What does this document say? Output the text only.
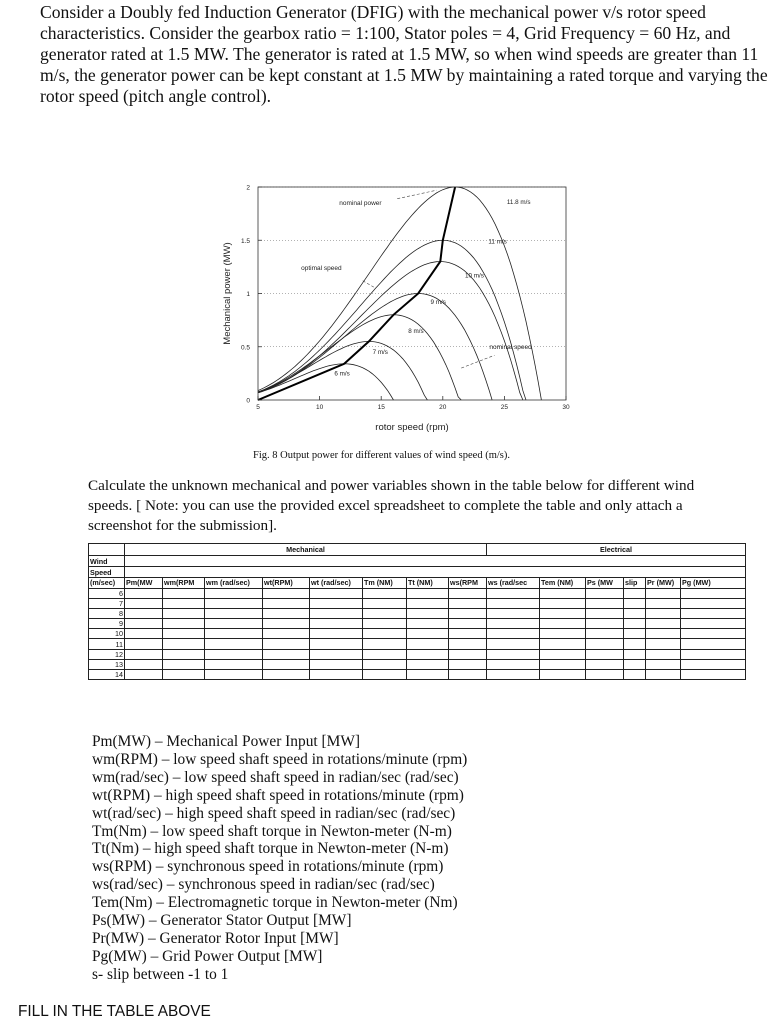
Consider a Doubly fed Induction Generator (DFIG) with the mechanical power v/s rotor speed characteristics. Consider the gearbox ratio = 1:100, Stator poles = 4, Grid Frequency = 60 Hz, and generator rated at 1.5 MW. The generator is rated at 1.5 MW, so when wind speeds are greater than 11 m/s, the generator power can be kept constant at 1.5 MW by maintaining a rated torque and varying the rotor speed (pitch angle control).

0
0.5
1
1.5
2
5	10	15	20	25	30
rotor speed (rpm)
Mechanical power (MW)
6 m/s
7 m/s
8 m/s
9 m/s
10 m/s
11 m/s
11.8 m/s
nominal power
optimal speed
nominal speed

Fig. 8 Output power for different values of wind speed (m/s).

Calculate the unknown mechanical and power variables shown in the table below for different wind speeds. [ Note: you can use the provided excel spreadsheet to complete the table and only attach a screenshot for the submission].

	Mechanical								Electrical					
Wind														
Speed														
(m/sec)	Pm(MW	wm(RPM	wm (rad/sec)	wt(RPM)	wt (rad/sec)	Tm (NM)	Tt (NM)	ws(RPM	ws (rad/sec	Tem (NM)	Ps (MW	slip	Pr (MW)	Pg (MW)
6														
7														
8														
9														
10														
11														
12														
13														
14														
Pm(MW) – Mechanical Power Input [MW]
wm(RPM) – low speed shaft speed in rotations/minute (rpm)
wm(rad/sec) – low speed shaft speed in radian/sec (rad/sec)
wt(RPM) – high speed shaft speed in rotations/minute (rpm)
wt(rad/sec) – high speed shaft speed in radian/sec (rad/sec)
Tm(Nm) – low speed shaft torque in Newton-meter (N-m)
Tt(Nm) – high speed shaft torque in Newton-meter (N-m)
ws(RPM) – synchronous speed in rotations/minute (rpm)
ws(rad/sec) – synchronous speed in radian/sec (rad/sec)
Tem(Nm) – Electromagnetic torque in Newton-meter (Nm)
Ps(MW) – Generator Stator Output [MW]
Pr(MW) – Generator Rotor Input [MW]
Pg(MW) – Grid Power Output [MW]
s- slip between -1 to 1

FILL IN THE TABLE ABOVE
